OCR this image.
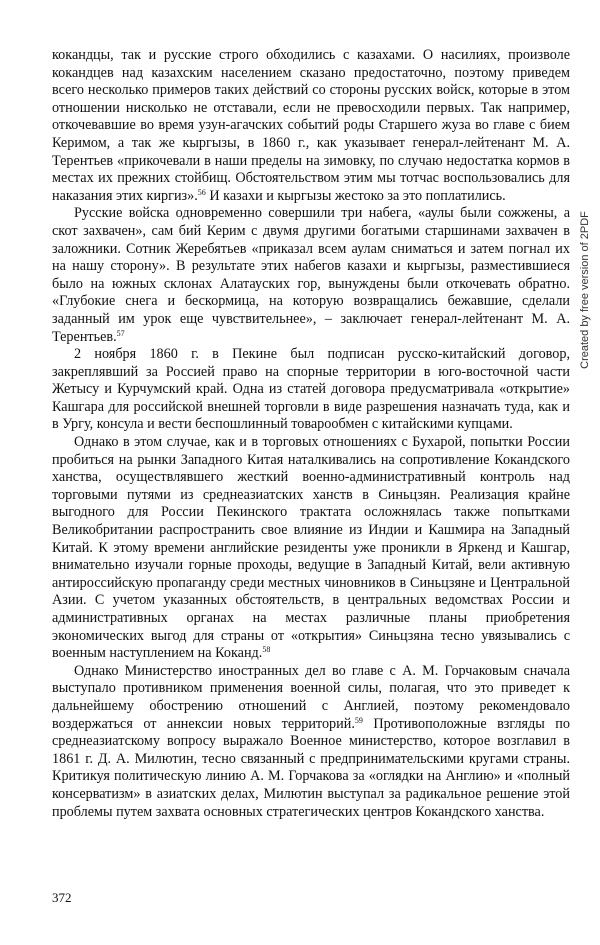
кокандцы, так и русские строго обходились с казахами. О насилиях, произволе кокандцев над казахским населением сказано предостаточно, поэтому приведем всего несколько примеров таких действий со стороны русских войск, которые в этом отношении нисколько не отставали, если не превосходили первых. Так например, откочевавшие во время узун-агачских событий роды Старшего жуза во главе с бием Керимом, а так же кыргызы, в 1860 г., как указывает генерал-лейтенант М. А. Терентьев «прикочевали в наши пределы на зимовку, по случаю недостатка кормов в местах их прежних стойбищ. Обстоятельством этим мы тотчас воспользовались для наказания этих киргиз».$^{56}$ И казахи и кыргызы жестоко за это поплатились.

Русские войска одновременно совершили три набега, «аулы были сожжены, а скот захвачен», сам бий Керим с двумя другими богатыми старшинами захвачен в заложники. Сотник Жеребятьев «приказал всем аулам сниматься и затем погнал их на нашу сторону». В результате этих набегов казахи и кыргызы, разместившиеся было на южных склонах Алатауских гор, вынуждены были откочевать обратно. «Глубокие снега и бескормица, на которую возвращались бежавшие, сделали заданный им урок еще чувствительнее», – заключает генерал-лейтенант М. А. Терентьев.$^{57}$

2 ноября 1860 г. в Пекине был подписан русско-китайский договор, закреплявший за Россией право на спорные территории в юго-восточной части Жетысу и Курчумский край. Одна из статей договора предусматривала «открытие» Кашгара для российской внешней торговли в виде разрешения назначать туда, как и в Ургу, консула и вести беспошлинный товарообмен с китайскими купцами.

Однако в этом случае, как и в торговых отношениях с Бухарой, попытки России пробиться на рынки Западного Китая наталкивались на сопротивление Кокандского ханства, осуществлявшего жесткий военно-административный контроль над торговыми путями из среднеазиатских ханств в Синьцзян. Реализация крайне выгодного для России Пекинского трактата осложнялась также попытками Великобритании распространить свое влияние из Индии и Кашмира на Западный Китай. К этому времени английские резиденты уже проникли в Яркенд и Кашгар, внимательно изучали горные проходы, ведущие в Западный Китай, вели активную антироссийскую пропаганду среди местных чиновников в Синьцзяне и Центральной Азии. С учетом указанных обстоятельств, в центральных ведомствах России и административных органах на местах различные планы приобретения экономических выгод для страны от «открытия» Синьцзяна тесно увязывались с военным наступлением на Коканд.$^{58}$

Однако Министерство иностранных дел во главе с А. М. Горчаковым сначала выступало противником применения военной силы, полагая, что это приведет к дальнейшему обострению отношений с Англией, поэтому рекомендовало воздержаться от аннексии новых территорий.$^{59}$ Противоположные взгляды по среднеазиатскому вопросу выражало Военное министерство, которое возглавил в 1861 г. Д. А. Милютин, тесно связанный с предпринимательскими кругами страны. Критикуя политическую линию А. М. Горчакова за «оглядки на Англию» и «полный консерватизм» в азиатских делах, Милютин выступал за радикальное решение этой проблемы путем захвата основных стратегических центров Кокандского ханства.

372
Created by free version of 2PDF
